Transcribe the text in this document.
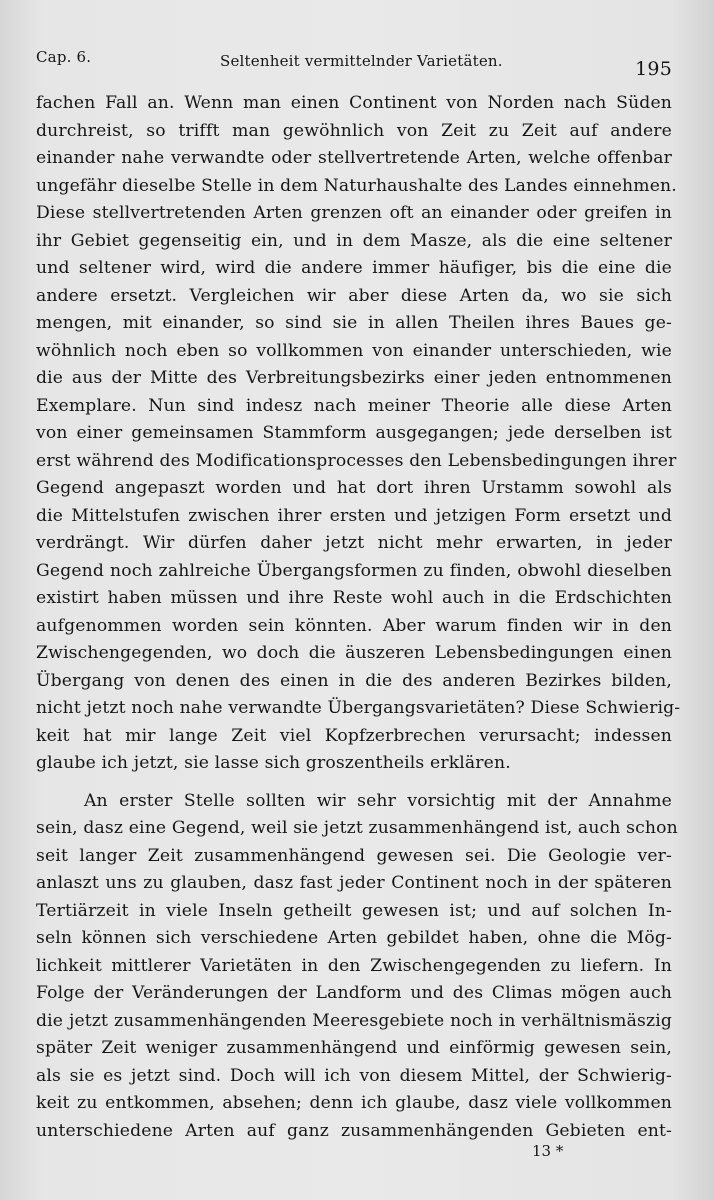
Cap. 6.	Seltenheit vermittelnder Varietäten.	195
fachen Fall an. Wenn man einen Continent von Norden nach Süden
durchreist, so trifft man gewöhnlich von Zeit zu Zeit auf andere
einander nahe verwandte oder stellvertretende Arten, welche offenbar
ungefähr dieselbe Stelle in dem Naturhaushalte des Landes einnehmen.
Diese stellvertretenden Arten grenzen oft an einander oder greifen in
ihr Gebiet gegenseitig ein, und in dem Masze, als die eine seltener
und seltener wird, wird die andere immer häufiger, bis die eine die
andere ersetzt. Vergleichen wir aber diese Arten da, wo sie sich
mengen, mit einander, so sind sie in allen Theilen ihres Baues ge-
wöhnlich noch eben so vollkommen von einander unterschieden, wie
die aus der Mitte des Verbreitungsbezirks einer jeden entnommenen
Exemplare. Nun sind indesz nach meiner Theorie alle diese Arten
von einer gemeinsamen Stammform ausgegangen; jede derselben ist
erst während des Modificationsprocesses den Lebensbedingungen ihrer
Gegend angepaszt worden und hat dort ihren Urstamm sowohl als
die Mittelstufen zwischen ihrer ersten und jetzigen Form ersetzt und
verdrängt. Wir dürfen daher jetzt nicht mehr erwarten, in jeder
Gegend noch zahlreiche Übergangsformen zu finden, obwohl dieselben
existirt haben müssen und ihre Reste wohl auch in die Erdschichten
aufgenommen worden sein könnten. Aber warum finden wir in den
Zwischengegenden, wo doch die äuszeren Lebensbedingungen einen
Übergang von denen des einen in die des anderen Bezirkes bilden,
nicht jetzt noch nahe verwandte Übergangsvarietäten? Diese Schwierig-
keit hat mir lange Zeit viel Kopfzerbrechen verursacht; indessen
glaube ich jetzt, sie lasse sich groszentheils erklären.
An erster Stelle sollten wir sehr vorsichtig mit der Annahme
sein, dasz eine Gegend, weil sie jetzt zusammenhängend ist, auch schon
seit langer Zeit zusammenhängend gewesen sei. Die Geologie ver-
anlaszt uns zu glauben, dasz fast jeder Continent noch in der späteren
Tertiärzeit in viele Inseln getheilt gewesen ist; und auf solchen In-
seln können sich verschiedene Arten gebildet haben, ohne die Mög-
lichkeit mittlerer Varietäten in den Zwischengegenden zu liefern. In
Folge der Veränderungen der Landform und des Climas mögen auch
die jetzt zusammenhängenden Meeresgebiete noch in verhältnismäszig
später Zeit weniger zusammenhängend und einförmig gewesen sein,
als sie es jetzt sind. Doch will ich von diesem Mittel, der Schwierig-
keit zu entkommen, absehen; denn ich glaube, dasz viele vollkommen
unterschiedene Arten auf ganz zusammenhängenden Gebieten ent-
13 *
